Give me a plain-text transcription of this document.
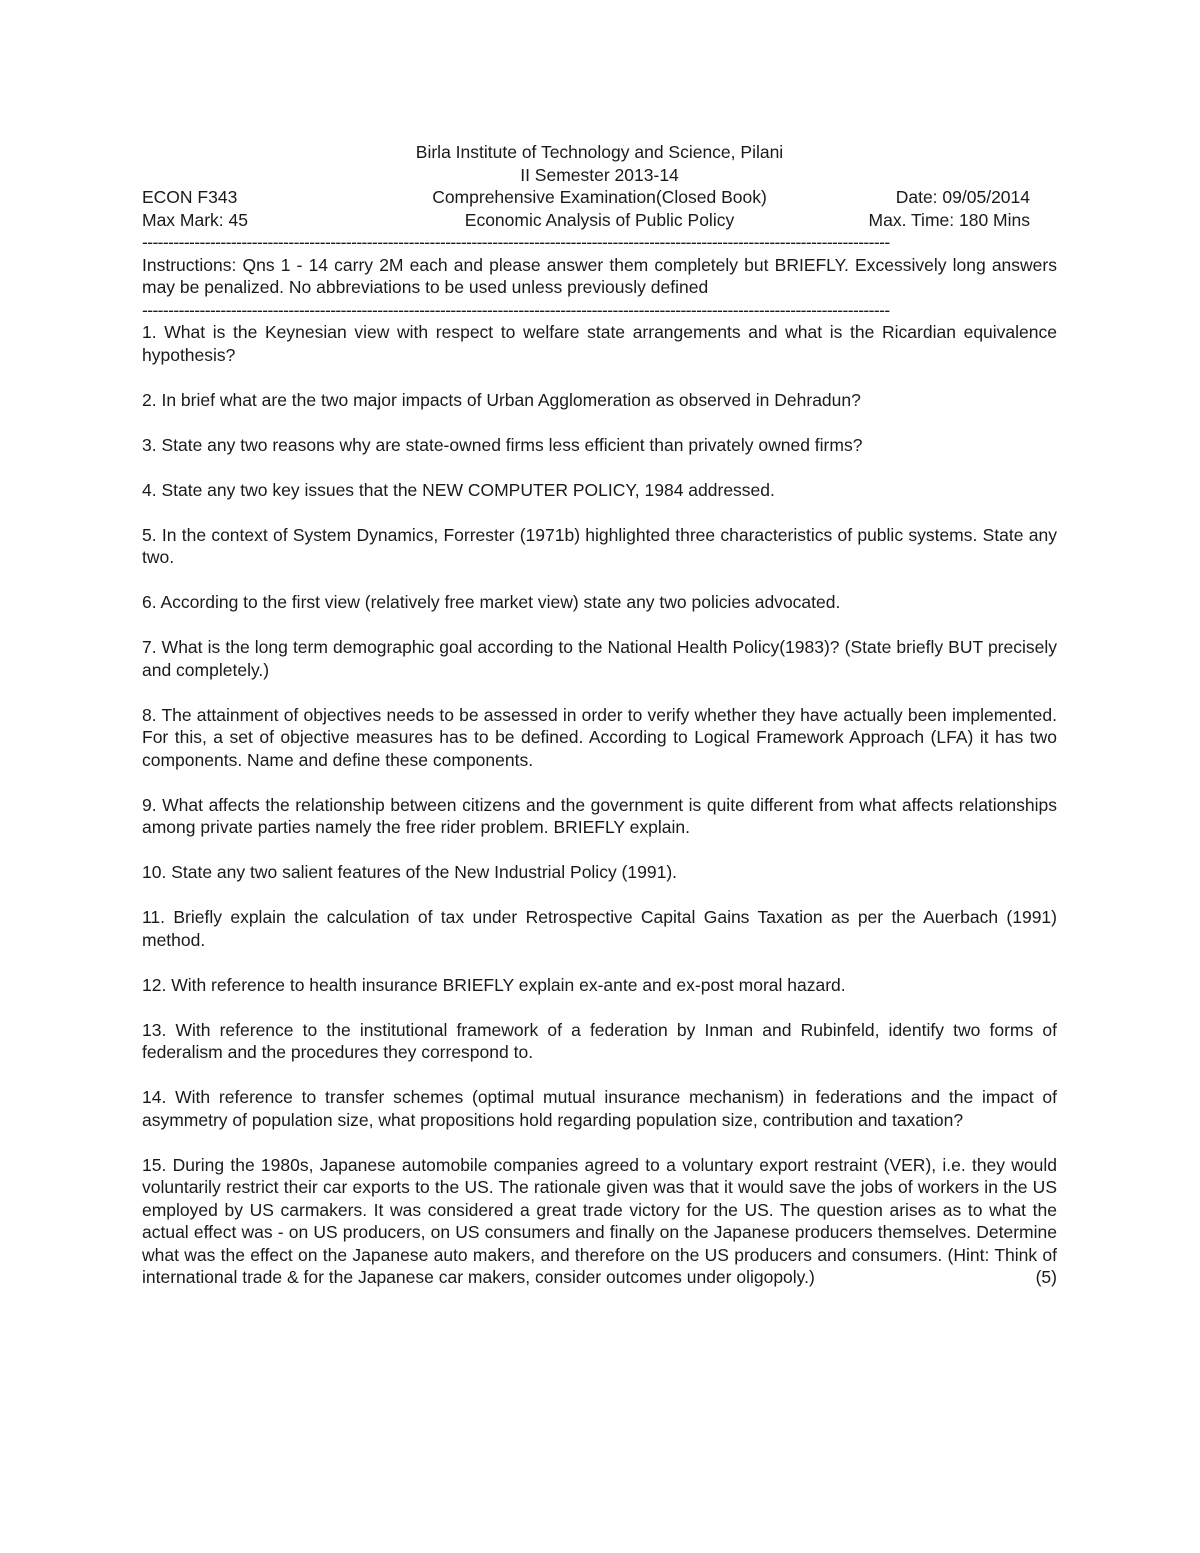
Birla Institute of Technology and Science, Pilani
II Semester 2013-14
ECON F343	Comprehensive Examination(Closed Book)	Date: 09/05/2014
Max Mark: 45	Economic Analysis of Public Policy	Max. Time: 180 Mins
-----------------------------------------------------------------------------------------------------------------------------------------------

Instructions: Qns 1 - 14 carry 2M each and please answer them completely but BRIEFLY. Excessively long answers may be penalized. No abbreviations to be used unless previously defined

-----------------------------------------------------------------------------------------------------------------------------------------------

1. What is the Keynesian view with respect to welfare state arrangements and what is the Ricardian equivalence hypothesis?

2. In brief what are the two major impacts of Urban Agglomeration as observed in Dehradun?

3. State any two reasons why are state-owned firms less efficient than privately owned firms?

4. State any two key issues that the NEW COMPUTER POLICY, 1984 addressed.

5. In the context of System Dynamics, Forrester (1971b) highlighted three characteristics of public systems. State any two.

6. According to the first view (relatively free market view) state any two policies advocated.

7. What is the long term demographic goal according to the National Health Policy(1983)? (State briefly BUT precisely and completely.)

8. The attainment of objectives needs to be assessed in order to verify whether they have actually been implemented. For this, a set of objective measures has to be defined. According to Logical Framework Approach (LFA) it has two components. Name and define these components.

9. What affects the relationship between citizens and the government is quite different from what affects relationships among private parties namely the free rider problem. BRIEFLY explain.

10. State any two salient features of the New Industrial Policy (1991).

11. Briefly explain the calculation of tax under Retrospective Capital Gains Taxation as per the Auerbach (1991) method.

12. With reference to health insurance BRIEFLY explain ex-ante and ex-post moral hazard.

13. With reference to the institutional framework of a federation by Inman and Rubinfeld, identify two forms of federalism and the procedures they correspond to.

14. With reference to transfer schemes (optimal mutual insurance mechanism) in federations and the impact of asymmetry of population size, what propositions hold regarding population size, contribution and taxation?

15. During the 1980s, Japanese automobile companies agreed to a voluntary export restraint (VER), i.e. they would voluntarily restrict their car exports to the US. The rationale given was that it would save the jobs of workers in the US employed by US carmakers. It was considered a great trade victory for the US. The question arises as to what the actual effect was - on US producers, on US consumers and finally on the Japanese producers themselves. Determine what was the effect on the Japanese auto makers, and therefore on the US producers and consumers. (Hint: Think of international trade & for the Japanese car makers, consider outcomes under oligopoly.)	(5)
